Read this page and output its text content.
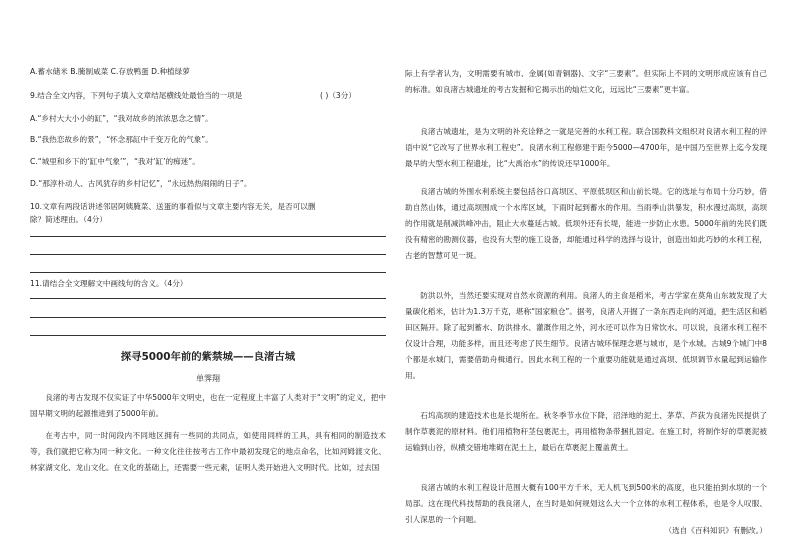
A.蓄水储米 B.腌制咸菜 C.存放鸭蛋 D.种植绿萝
9.结合全文内容，下列句子填入文章结尾横线处最恰当的一项是	( )（3分）
A.“乡村大大小小的缸”，“我对故乡的浓浓思念之情”。
B.“我热恋故乡的景”，“怀念那缸中千变万化的气象”。
C.“城里和乡下的‘缸中气象’”，“我对‘缸’的痴迷”。
D.“那淳朴动人、古风犹存的乡村记忆”，“永远热热闹闹的日子”。
10.文章有两段话讲述邻居阿姨腌菜、送蛋的事看似与文章主要内容无关，是否可以删
除？简述理由。（4分）
11.请结合全文理解文中画线句的含义。（4分）
探寻5000年前的紫禁城——良渚古城
单霁翔

良渚的考古发现不仅实证了中华5000年文明史，也在一定程度上丰富了人类对于“文明”的定义，把中国早期文明的起源推进到了5000年前。

在考古中，同一时间段内不同地区拥有一些同的共同点，如使用同样的工具，具有相同的制造技术等，我们就把它称为同一种文化。一种文化往往按考古工作中最初发现它的地点命名，比如河姆渡文化、林家湖文化、龙山文化。在文化的基础上，还需要一些元素，证明人类开始进入文明时代。比如，过去国

际上有学者认为，文明需要有城市、金属(如青铜器)、文字“三要素”。但实际上不同的文明形成应该有自己的标准。如良渚古城遗址的考古发掘和它揭示出的灿烂文化，远远比“三要素”更丰富。

良渚古城遗址，是为文明的补充诠释之一就是完善的水利工程。联合国教科文组织对良渚水利工程的评语中说“它改写了世界水利工程史”。良渚水利工程修建于距今5000—4700年，是中国乃至世界上迄今发现最早的大型水利工程遗址，比“大禹治水”的传说还早1000年。

良渚古城的外围水利系统主要包括谷口高坝区、平原低坝区和山前长堤。它的选址与布局十分巧妙，借助自然山体，通过高坝围成一个水库区域，下雨时起到蓄水的作用。当雨季山洪暴发，积水漫过高坝，高坝的作用就是削减洪峰冲击，阻止大水蔓延古城。低坝外还有长堤，能进一步防止水患。5000年前的先民们既没有精密的勘测仪器，也没有大型的施工设备，却能通过科学的选择与设计，创造出如此巧妙的水利工程，古老的智慧可见一斑。

防洪以外，当然还要实现对自然水资源的利用。良渚人的主食是稻米，考古学家在莫角山东坡发现了大量碳化稻米，估计为1.3万千克，堪称“国家粮仓”。据考，良渚人开掘了一条东西走向的河道，把生活区和稻田区隔开。除了起到蓄水、防洪排水、灌溉作用之外，河水还可以作为日常饮水。可以说，良渚水利工程不仅设计合理，功能多样，而且还考虑了民生细节。良渚古城环保理念堪与城市，是个水城。古城9个城门中8个都是水城门，需要借助舟楫通行。因此水利工程的一个重要功能就是通过高坝、低坝调节水量起到运输作用。

石坞高坝的建造技术也是长堤所在。秋冬季节水位下降，沼泽地的泥土、茅草、芦荻为良渚先民提供了制作草裹泥的原材料。他们用植物秆茎包裹泥土，再用植物条带捆扎固定。在施工时，将制作好的草裹泥被运输到山谷，纵横交错地堆砌在泥土上，最后在草裹泥上覆盖黄土。

良渚古城的水利工程设计范围大概有100平方千米，无人机飞到500米的高度，也只能拍到水坝的一个局部。这在现代科技帮助的我良渚人，在当时是如何规划这么大一个立体的水利工程体系，也是令人叹服、引人深思的一个问题。

（选自《百科知识》有删改。）
